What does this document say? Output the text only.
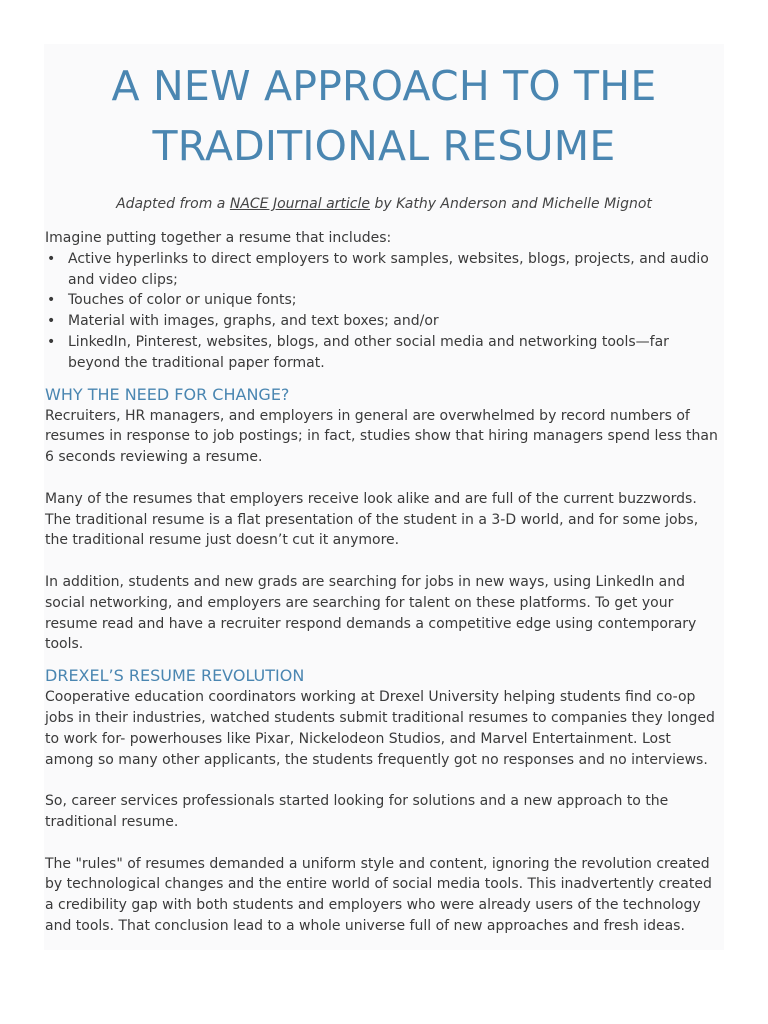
A NEW APPROACH TO THE
TRADITIONAL RESUME

Adapted from a NACE Journal article by Kathy Anderson and Michelle Mignot

Imagine putting together a resume that includes:

• Active hyperlinks to direct employers to work samples, websites, blogs, projects, and audio and video clips;
• Touches of color or unique fonts;
• Material with images, graphs, and text boxes; and/or
• LinkedIn, Pinterest, websites, blogs, and other social media and networking tools—far beyond the traditional paper format.
WHY THE NEED FOR CHANGE?

Recruiters, HR managers, and employers in general are overwhelmed by record numbers of resumes in response to job postings; in fact, studies show that hiring managers spend less than 6 seconds reviewing a resume.

Many of the resumes that employers receive look alike and are full of the current buzzwords. The traditional resume is a flat presentation of the student in a 3-D world, and for some jobs, the traditional resume just doesn’t cut it anymore.

In addition, students and new grads are searching for jobs in new ways, using LinkedIn and social networking, and employers are searching for talent on these platforms. To get your resume read and have a recruiter respond demands a competitive edge using contemporary tools.

DREXEL’S RESUME REVOLUTION

Cooperative education coordinators working at Drexel University helping students find co-op jobs in their industries, watched students submit traditional resumes to companies they longed to work for- powerhouses like Pixar, Nickelodeon Studios, and Marvel Entertainment. Lost among so many other applicants, the students frequently got no responses and no interviews.

So, career services professionals started looking for solutions and a new approach to the traditional resume.

The "rules" of resumes demanded a uniform style and content, ignoring the revolution created by technological changes and the entire world of social media tools. This inadvertently created a credibility gap with both students and employers who were already users of the technology and tools. That conclusion lead to a whole universe full of new approaches and fresh ideas.
